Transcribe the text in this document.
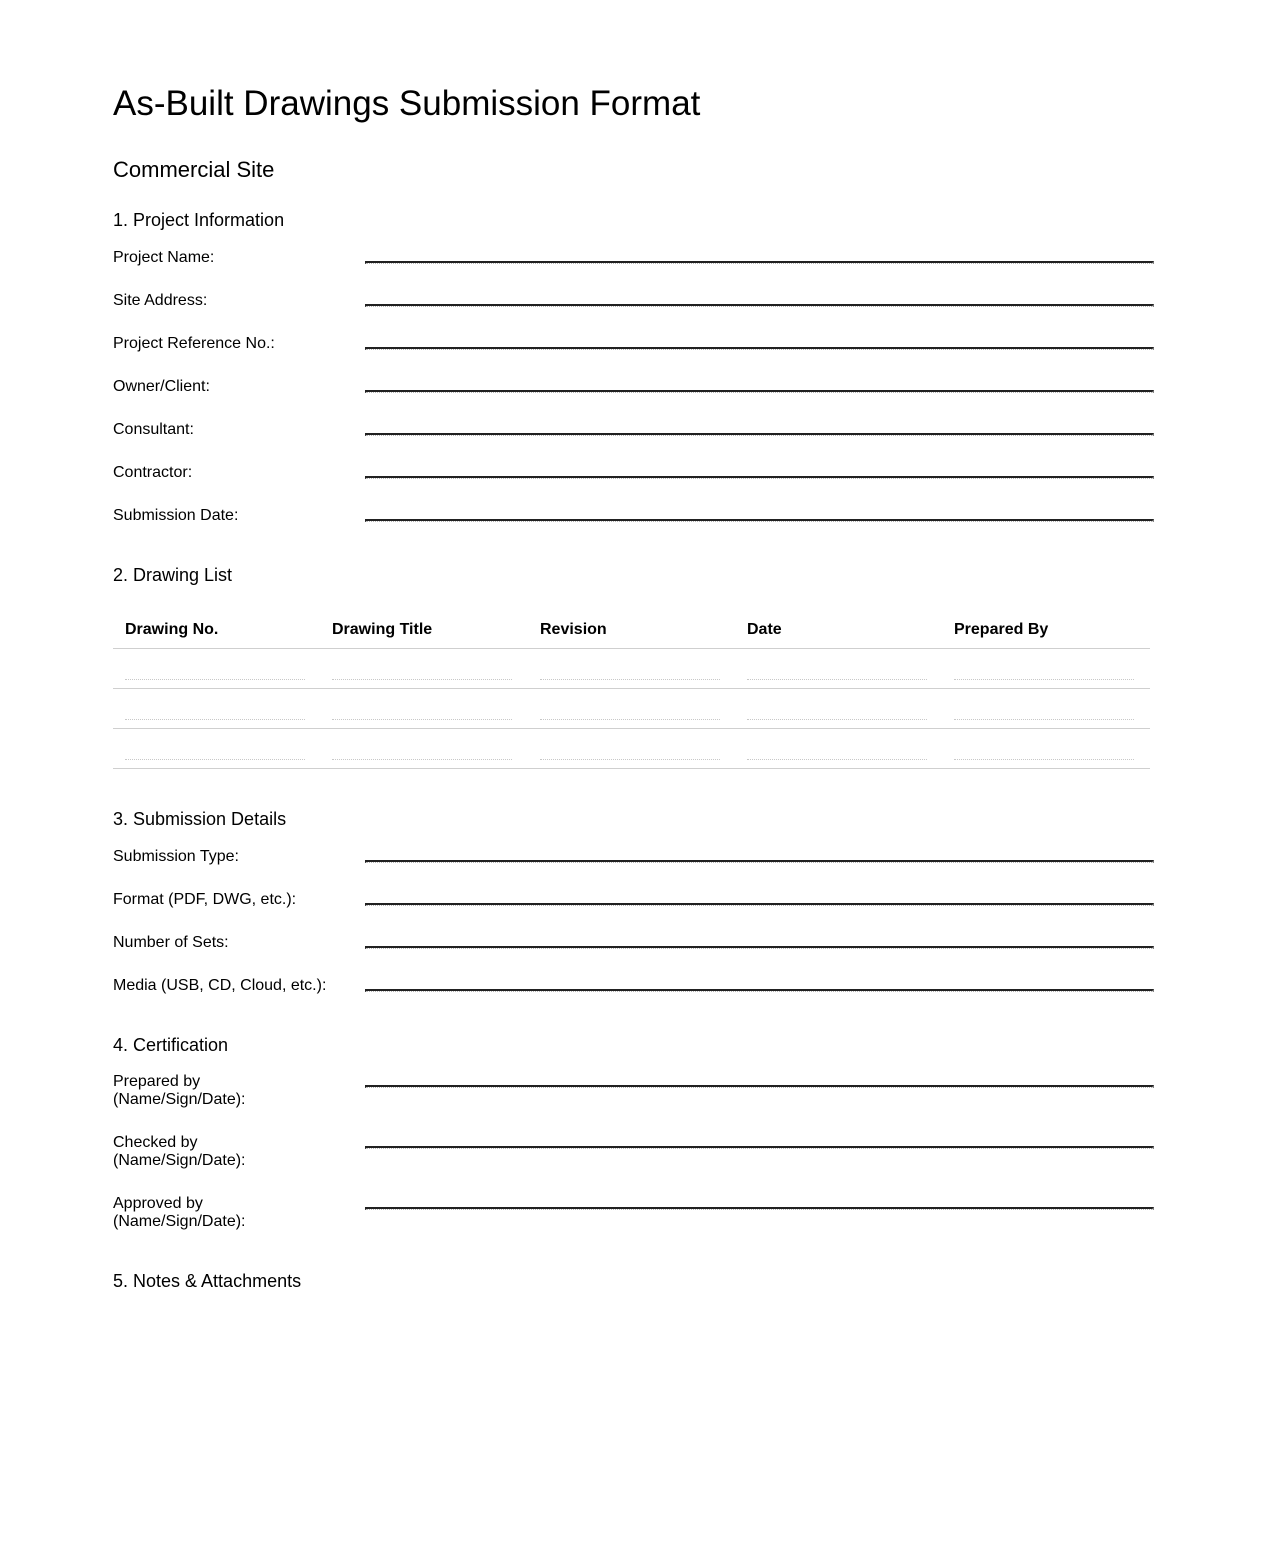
As-Built Drawings Submission Format
Commercial Site
1. Project Information
Project Name:
Site Address:
Project Reference No.:
Owner/Client:
Consultant:
Contractor:
Submission Date:
2. Drawing List
Drawing No.	Drawing Title	Revision	Date	Prepared By
3. Submission Details
Submission Type:
Format (PDF, DWG, etc.):
Number of Sets:
Media (USB, CD, Cloud, etc.):
4. Certification
Prepared by (Name/Sign/Date):
Checked by (Name/Sign/Date):
Approved by (Name/Sign/Date):
5. Notes & Attachments
